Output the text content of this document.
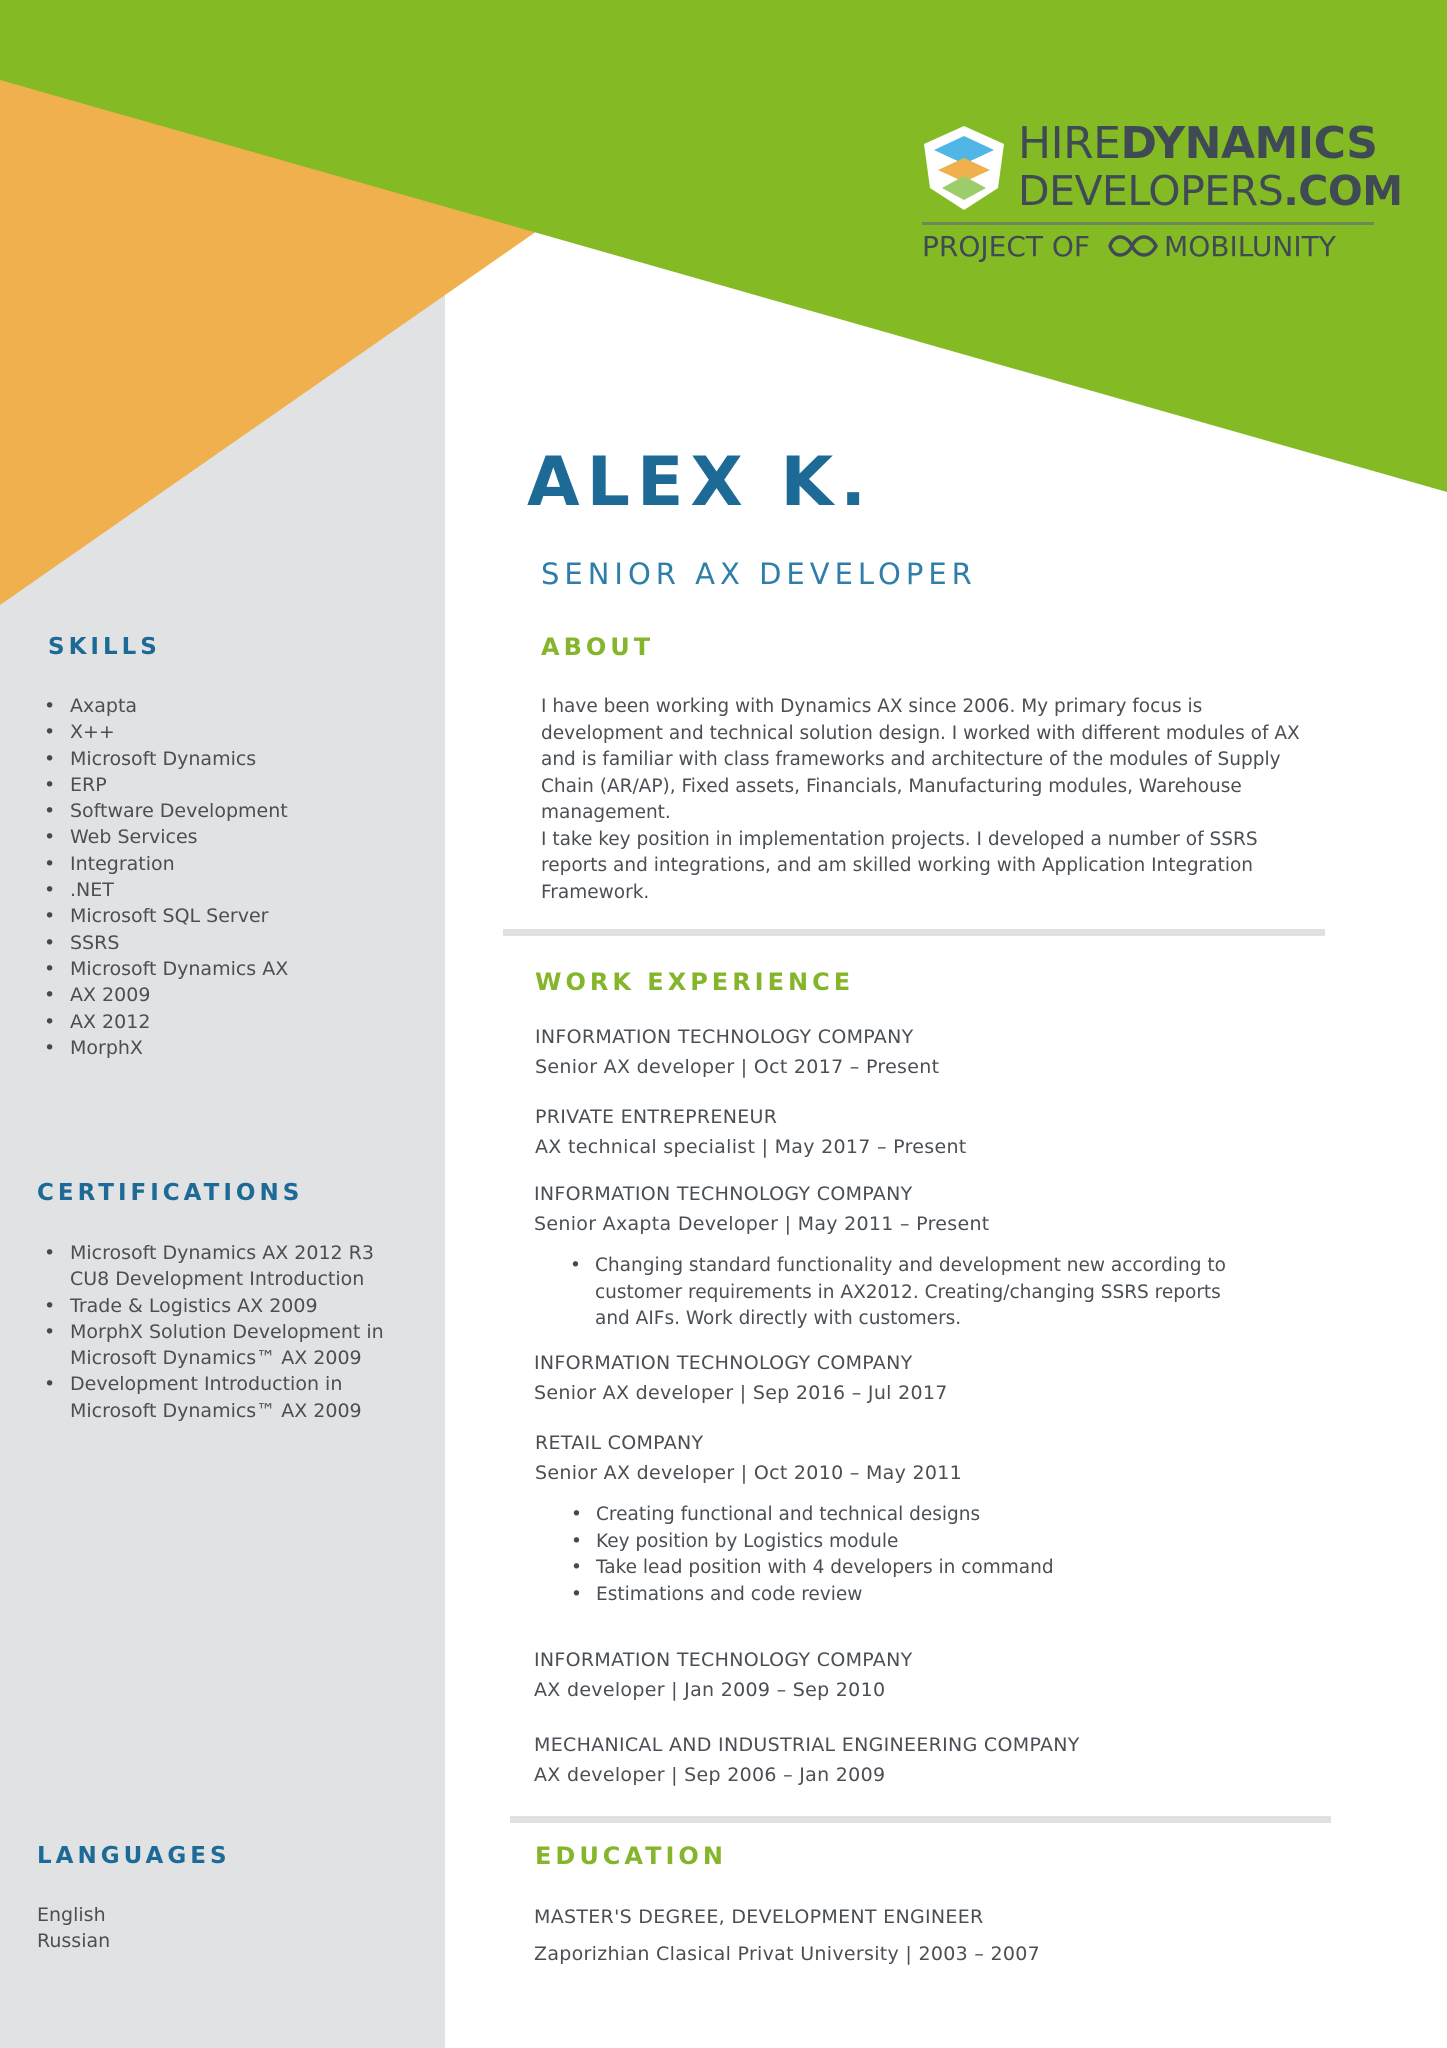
HIREDYNAMICS
DEVELOPERS.COM
PROJECT OF	MOBILUNITY
ALEX K.
SENIOR AX DEVELOPER
SKILLS
• Axapta
• X++
• Microsoft Dynamics
• ERP
• Software Development
• Web Services
• Integration
• .NET
• Microsoft SQL Server
• SSRS
• Microsoft Dynamics AX
• AX 2009
• AX 2012
• MorphX
CERTIFICATIONS
• Microsoft Dynamics AX 2012 R3 CU8 Development Introduction
• Trade & Logistics AX 2009
• MorphX Solution Development in Microsoft Dynamics™ AX 2009
• Development Introduction in Microsoft Dynamics™ AX 2009
LANGUAGES
English
Russian
ABOUT

I have been working with Dynamics AX since 2006. My primary focus is development and technical solution design. I worked with different modules of AX and is familiar with class frameworks and architecture of the modules of Supply Chain (AR/AP), Fixed assets, Financials, Manufacturing modules, Warehouse management.

I take key position in implementation projects. I developed a number of SSRS reports and integrations, and am skilled working with Application Integration Framework.

WORK EXPERIENCE
INFORMATION TECHNOLOGY COMPANY
Senior AX developer | Oct 2017 – Present
PRIVATE ENTREPRENEUR
AX technical specialist | May 2017 – Present
INFORMATION TECHNOLOGY COMPANY
Senior Axapta Developer | May 2011 – Present
• Changing standard functionality and development new according to customer requirements in AX2012. Creating/changing SSRS reports and AIFs. Work directly with customers.
INFORMATION TECHNOLOGY COMPANY
Senior AX developer | Sep 2016 – Jul 2017
RETAIL COMPANY
Senior AX developer | Oct 2010 – May 2011
• Creating functional and technical designs
• Key position by Logistics module
• Take lead position with 4 developers in command
• Estimations and code review
INFORMATION TECHNOLOGY COMPANY
AX developer | Jan 2009 – Sep 2010
MECHANICAL AND INDUSTRIAL ENGINEERING COMPANY
AX developer | Sep 2006 – Jan 2009
EDUCATION
MASTER'S DEGREE, DEVELOPMENT ENGINEER
Zaporizhian Clasical Privat University | 2003 – 2007
